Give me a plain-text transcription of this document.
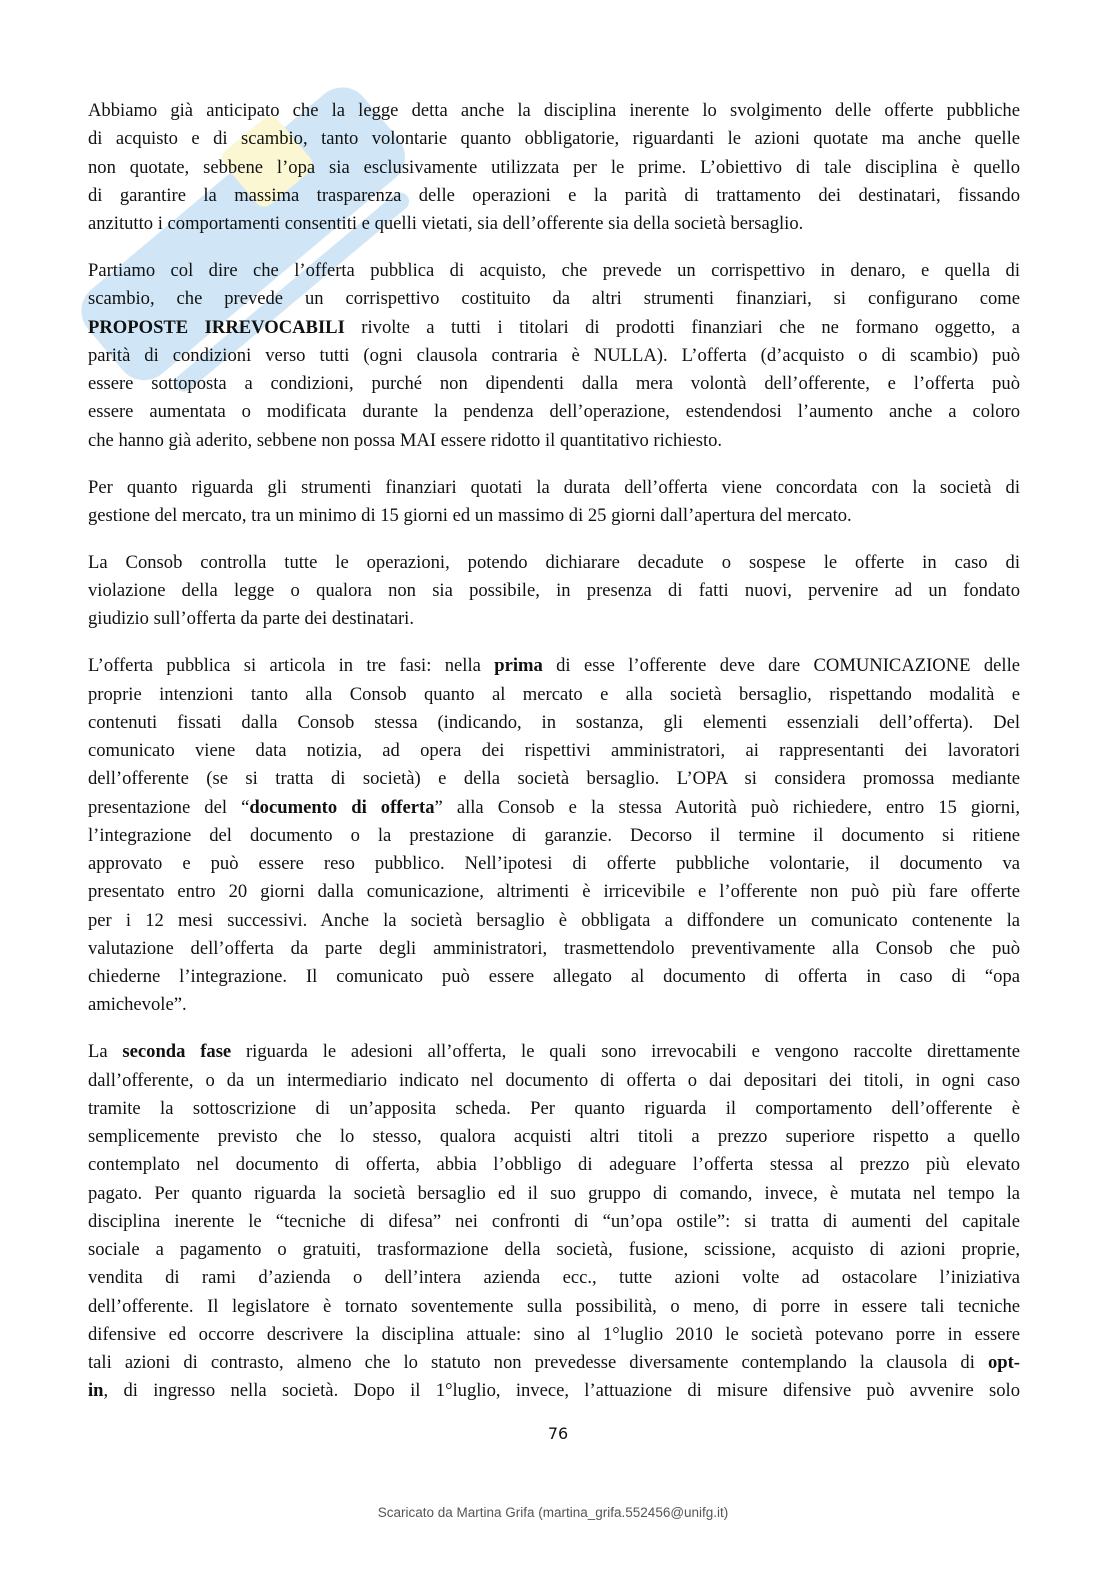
Abbiamo già anticipato che la legge detta anche la disciplina inerente lo svolgimento delle offerte pubbliche
di acquisto e di scambio, tanto volontarie quanto obbligatorie, riguardanti le azioni quotate ma anche quelle
non quotate, sebbene l’opa sia esclusivamente utilizzata per le prime. L’obiettivo di tale disciplina è quello
di garantire la massima trasparenza delle operazioni e la parità di trattamento dei destinatari, fissando
anzitutto i comportamenti consentiti e quelli vietati, sia dell’offerente sia della società bersaglio.
Partiamo col dire che l’offerta pubblica di acquisto, che prevede un corrispettivo in denaro, e quella di
scambio, che prevede un corrispettivo costituito da altri strumenti finanziari, si configurano come
PROPOSTE IRREVOCABILI rivolte a tutti i titolari di prodotti finanziari che ne formano oggetto, a
parità di condizioni verso tutti (ogni clausola contraria è NULLA). L’offerta (d’acquisto o di scambio) può
essere sottoposta a condizioni, purché non dipendenti dalla mera volontà dell’offerente, e l’offerta può
essere aumentata o modificata durante la pendenza dell’operazione, estendendosi l’aumento anche a coloro
che hanno già aderito, sebbene non possa MAI essere ridotto il quantitativo richiesto.
Per quanto riguarda gli strumenti finanziari quotati la durata dell’offerta viene concordata con la società di
gestione del mercato, tra un minimo di 15 giorni ed un massimo di 25 giorni dall’apertura del mercato.
La Consob controlla tutte le operazioni, potendo dichiarare decadute o sospese le offerte in caso di
violazione della legge o qualora non sia possibile, in presenza di fatti nuovi, pervenire ad un fondato
giudizio sull’offerta da parte dei destinatari.
L’offerta pubblica si articola in tre fasi: nella prima di esse l’offerente deve dare COMUNICAZIONE delle
proprie intenzioni tanto alla Consob quanto al mercato e alla società bersaglio, rispettando modalità e
contenuti fissati dalla Consob stessa (indicando, in sostanza, gli elementi essenziali dell’offerta). Del
comunicato viene data notizia, ad opera dei rispettivi amministratori, ai rappresentanti dei lavoratori
dell’offerente (se si tratta di società) e della società bersaglio. L’OPA si considera promossa mediante
presentazione del “documento di offerta” alla Consob e la stessa Autorità può richiedere, entro 15 giorni,
l’integrazione del documento o la prestazione di garanzie. Decorso il termine il documento si ritiene
approvato e può essere reso pubblico. Nell’ipotesi di offerte pubbliche volontarie, il documento va
presentato entro 20 giorni dalla comunicazione, altrimenti è irricevibile e l’offerente non può più fare offerte
per i 12 mesi successivi. Anche la società bersaglio è obbligata a diffondere un comunicato contenente la
valutazione dell’offerta da parte degli amministratori, trasmettendolo preventivamente alla Consob che può
chiederne l’integrazione. Il comunicato può essere allegato al documento di offerta in caso di “opa
amichevole”.
La seconda fase riguarda le adesioni all’offerta, le quali sono irrevocabili e vengono raccolte direttamente
dall’offerente, o da un intermediario indicato nel documento di offerta o dai depositari dei titoli, in ogni caso
tramite la sottoscrizione di un’apposita scheda. Per quanto riguarda il comportamento dell’offerente è
semplicemente previsto che lo stesso, qualora acquisti altri titoli a prezzo superiore rispetto a quello
contemplato nel documento di offerta, abbia l’obbligo di adeguare l’offerta stessa al prezzo più elevato
pagato. Per quanto riguarda la società bersaglio ed il suo gruppo di comando, invece, è mutata nel tempo la
disciplina inerente le “tecniche di difesa” nei confronti di “un’opa ostile”: si tratta di aumenti del capitale
sociale a pagamento o gratuiti, trasformazione della società, fusione, scissione, acquisto di azioni proprie,
vendita di rami d’azienda o dell’intera azienda ecc., tutte azioni volte ad ostacolare l’iniziativa
dell’offerente. Il legislatore è tornato soventemente sulla possibilità, o meno, di porre in essere tali tecniche
difensive ed occorre descrivere la disciplina attuale: sino al 1°luglio 2010 le società potevano porre in essere
tali azioni di contrasto, almeno che lo statuto non prevedesse diversamente contemplando la clausola di opt-
in, di ingresso nella società. Dopo il 1°luglio, invece, l’attuazione di misure difensive può avvenire solo
76
Scaricato da Martina Grifa (martina_grifa.552456@unifg.it)
